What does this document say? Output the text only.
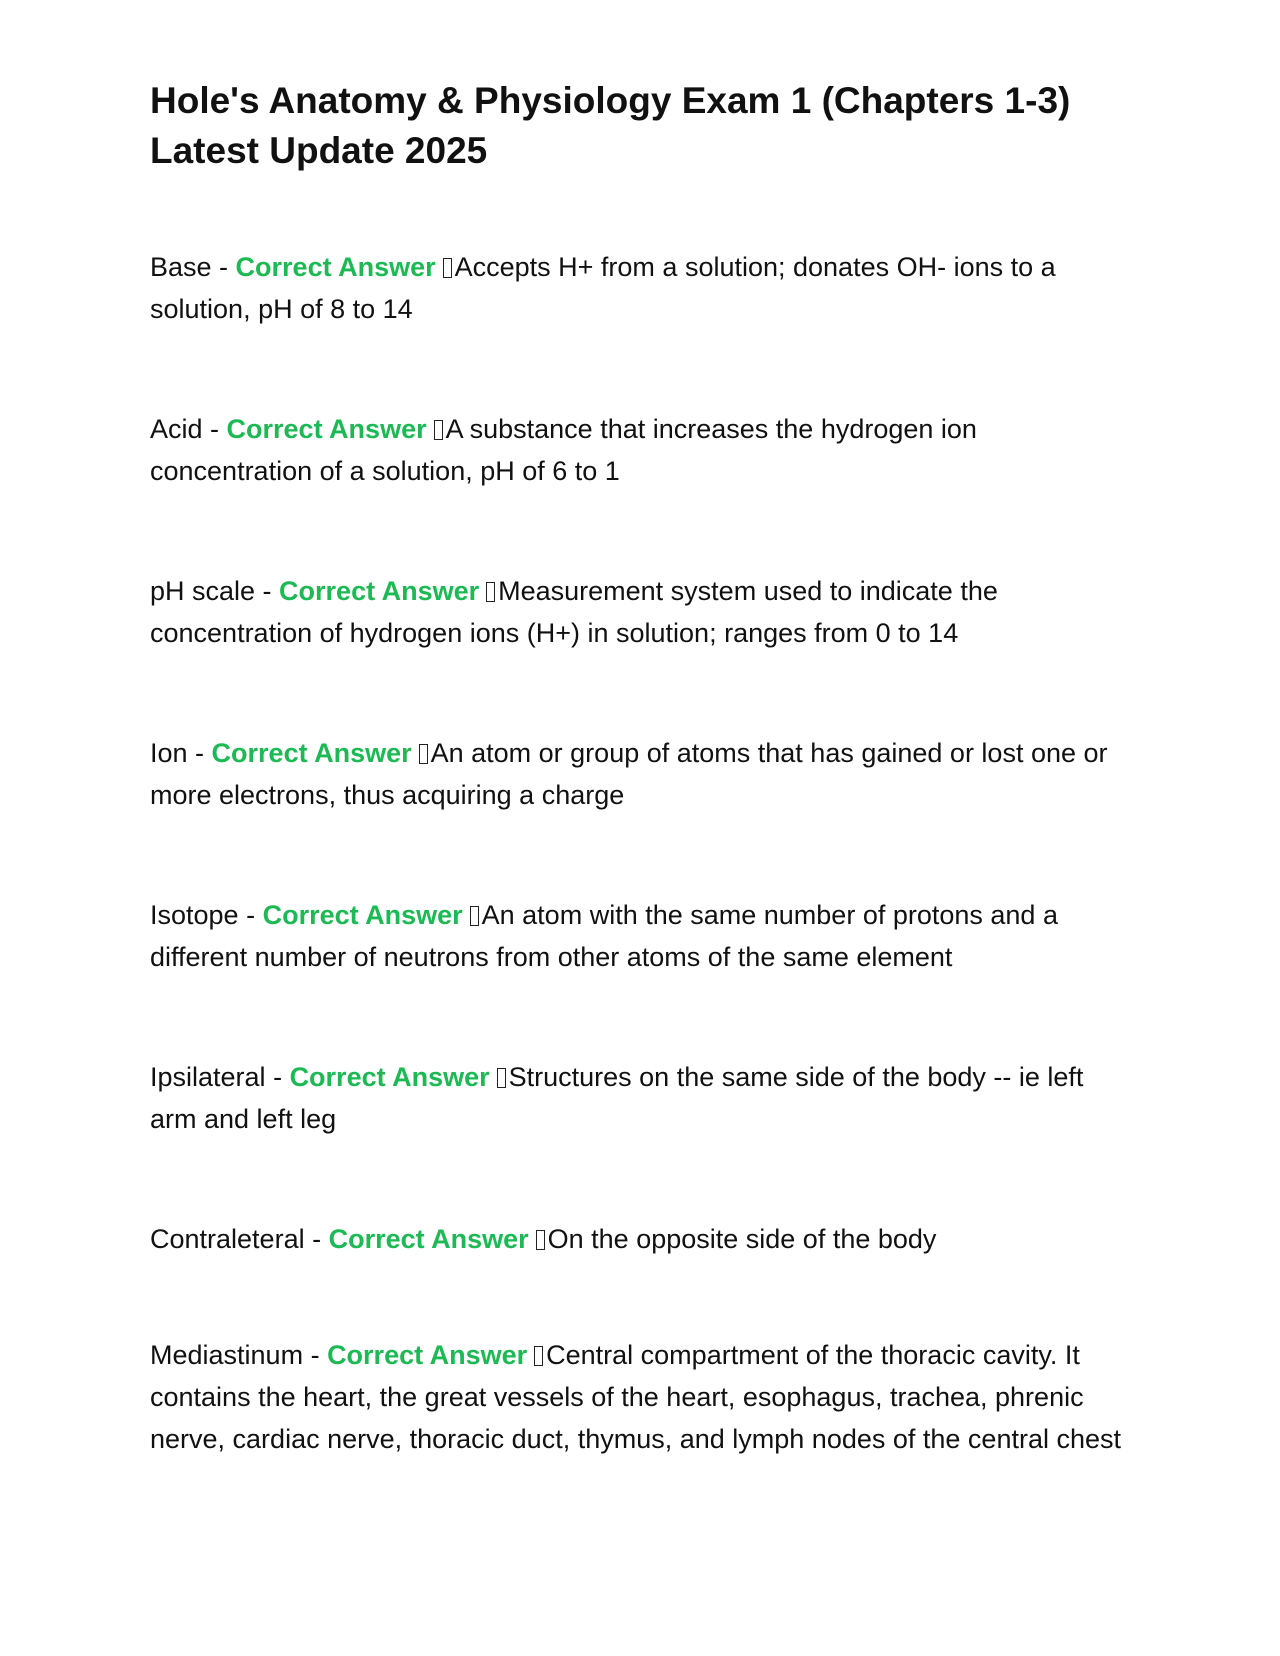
Hole's Anatomy & Physiology Exam 1 (Chapters 1-3)
Latest Update 2025

Base - Correct Answer Accepts H+ from a solution; donates OH- ions to a solution, pH of 8 to 14

Acid - Correct Answer A substance that increases the hydrogen ion concentration of a solution, pH of 6 to 1

pH scale - Correct Answer Measurement system used to indicate the concentration of hydrogen ions (H+) in solution; ranges from 0 to 14

Ion - Correct Answer An atom or group of atoms that has gained or lost one or more electrons, thus acquiring a charge

Isotope - Correct Answer An atom with the same number of protons and a different number of neutrons from other atoms of the same element

Ipsilateral - Correct Answer Structures on the same side of the body -- ie left arm and left leg

Contraleteral - Correct Answer On the opposite side of the body

Mediastinum - Correct Answer Central compartment of the thoracic cavity. It contains the heart, the great vessels of the heart, esophagus, trachea, phrenic nerve, cardiac nerve, thoracic duct, thymus, and lymph nodes of the central chest
